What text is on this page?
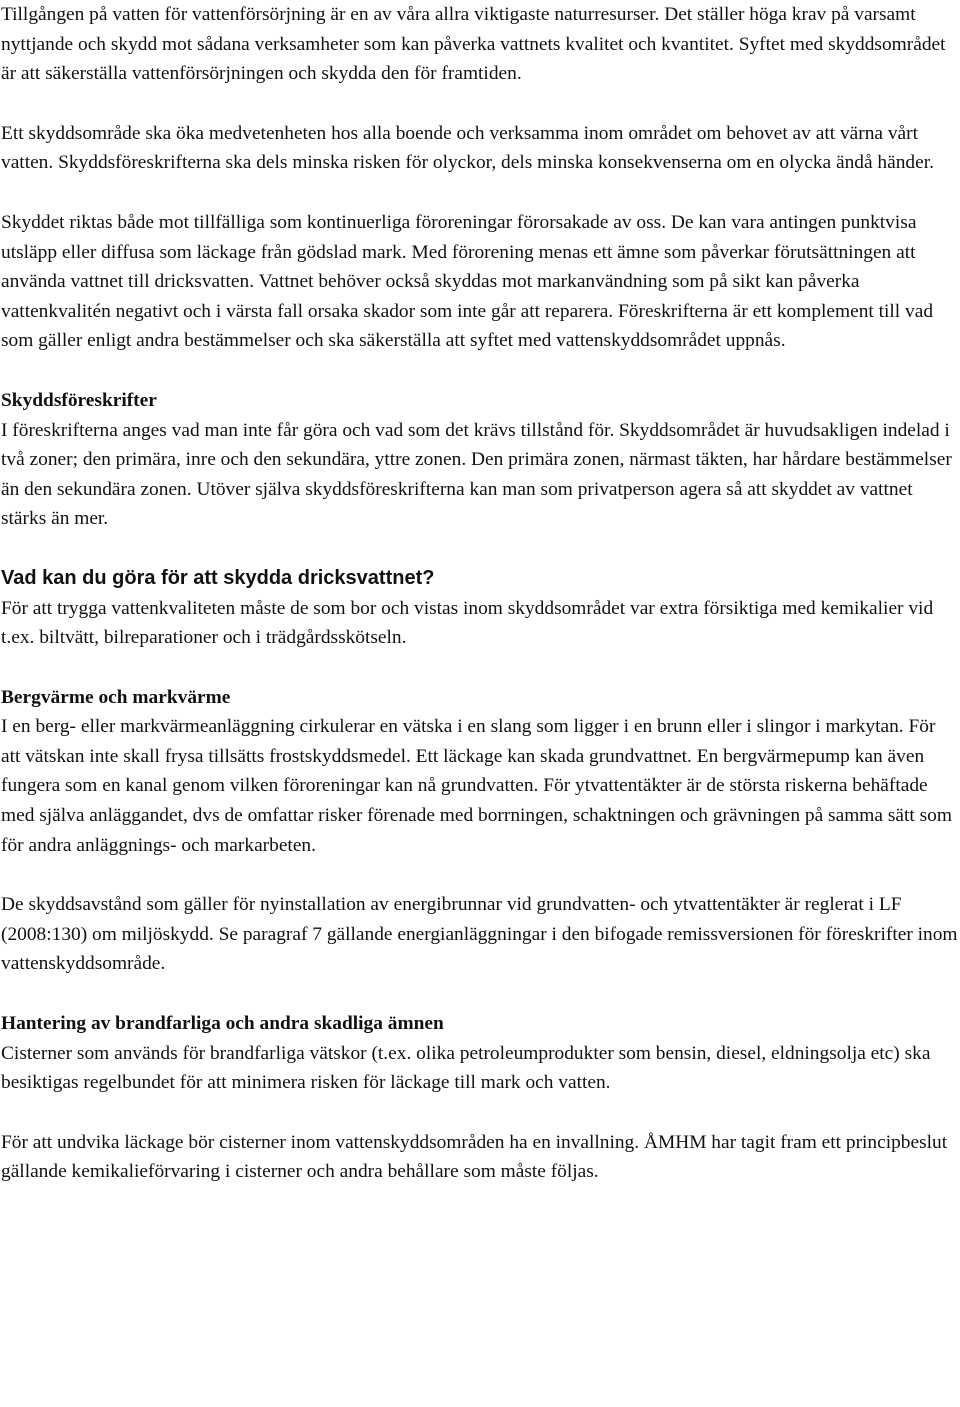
Tillgången på vatten för vattenförsörjning är en av våra allra viktigaste naturresurser. Det ställer höga krav på varsamt nyttjande och skydd mot sådana verksamheter som kan påverka vattnets kvalitet och kvantitet. Syftet med skyddsområdet är att säkerställa vattenförsörjningen och skydda den för framtiden.

Ett skyddsområde ska öka medvetenheten hos alla boende och verksamma inom området om behovet av att värna vårt vatten. Skyddsföreskrifterna ska dels minska risken för olyckor, dels minska konsekvenserna om en olycka ändå händer.

Skyddet riktas både mot tillfälliga som kontinuerliga föroreningar förorsakade av oss. De kan vara antingen punktvisa utsläpp eller diffusa som läckage från gödslad mark. Med förorening menas ett ämne som påverkar förutsättningen att använda vattnet till dricksvatten. Vattnet behöver också skyddas mot markanvändning som på sikt kan påverka vattenkvalitén negativt och i värsta fall orsaka skador som inte går att reparera. Föreskrifterna är ett komplement till vad som gäller enligt andra bestämmelser och ska säkerställa att syftet med vattenskyddsområdet uppnås.

Skyddsföreskrifter

I föreskrifterna anges vad man inte får göra och vad som det krävs tillstånd för. Skyddsområdet är huvudsakligen indelad i två zoner; den primära, inre och den sekundära, yttre zonen. Den primära zonen, närmast täkten, har hårdare bestämmelser än den sekundära zonen. Utöver själva skyddsföreskrifterna kan man som privatperson agera så att skyddet av vattnet stärks än mer.

Vad kan du göra för att skydda dricksvattnet?

För att trygga vattenkvaliteten måste de som bor och vistas inom skyddsområdet var extra försiktiga med kemikalier vid t.ex. biltvätt, bilreparationer och i trädgårdsskötseln.

Bergvärme och markvärme

I en berg- eller markvärmeanläggning cirkulerar en vätska i en slang som ligger i en brunn eller i slingor i markytan. För att vätskan inte skall frysa tillsätts frostskyddsmedel. Ett läckage kan skada grundvattnet. En bergvärmepump kan även fungera som en kanal genom vilken föroreningar kan nå grundvatten. För ytvattentäkter är de största riskerna behäftade med själva anläggandet, dvs de omfattar risker förenade med borrningen, schaktningen och grävningen på samma sätt som för andra anläggnings- och markarbeten.

De skyddsavstånd som gäller för nyinstallation av energibrunnar vid grundvatten- och ytvattentäkter är reglerat i LF (2008:130) om miljöskydd. Se paragraf 7 gällande energianläggningar i den bifogade remissversionen för föreskrifter inom vattenskyddsområde.

Hantering av brandfarliga och andra skadliga ämnen

Cisterner som används för brandfarliga vätskor (t.ex. olika petroleumprodukter som bensin, diesel, eldningsolja etc) ska besiktigas regelbundet för att minimera risken för läckage till mark och vatten.

För att undvika läckage bör cisterner inom vattenskyddsområden ha en invallning. ÅMHM har tagit fram ett principbeslut gällande kemikalieförvaring i cisterner och andra behållare som måste följas.
